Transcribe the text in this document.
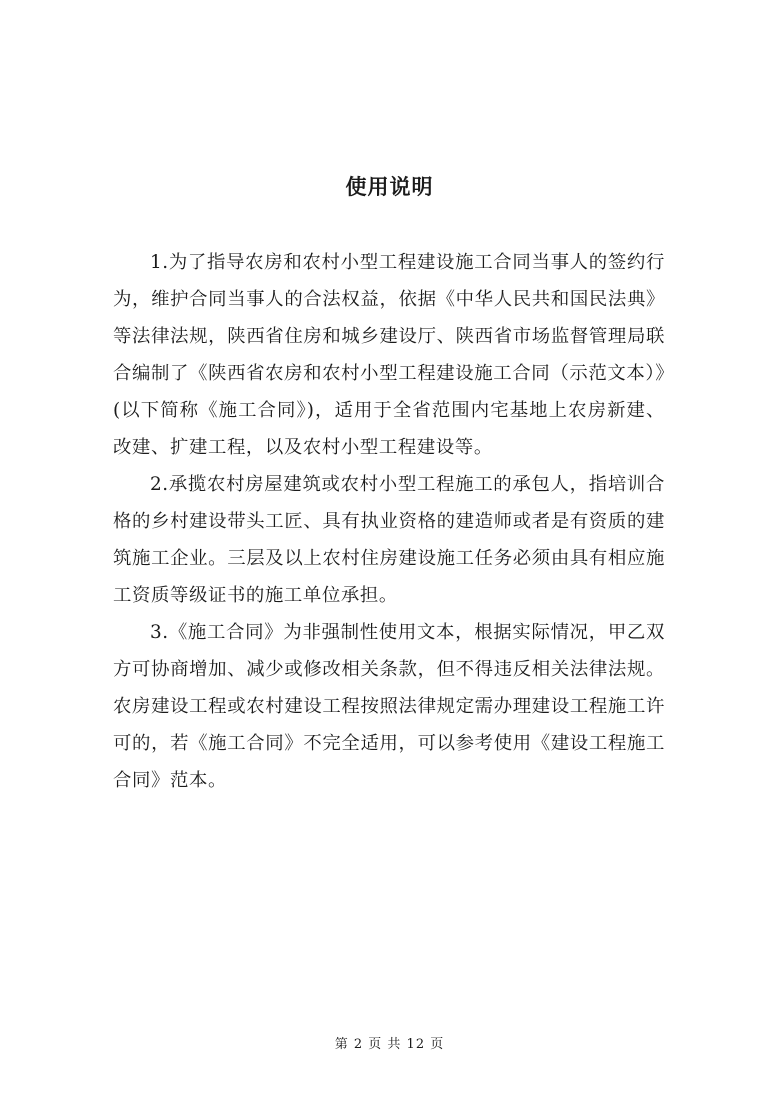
使用说明

1.为了指导农房和农村小型工程建设施工合同当事人的签约行为，维护合同当事人的合法权益，依据《中华人民共和国民法典》等法律法规，陕西省住房和城乡建设厅、陕西省市场监督管理局联合编制了《陕西省农房和农村小型工程建设施工合同（示范文本）》(以下简称《施工合同》)，适用于全省范围内宅基地上农房新建、改建、扩建工程，以及农村小型工程建设等。

2.承揽农村房屋建筑或农村小型工程施工的承包人，指培训合格的乡村建设带头工匠、具有执业资格的建造师或者是有资质的建筑施工企业。三层及以上农村住房建设施工任务必须由具有相应施工资质等级证书的施工单位承担。

3.《施工合同》为非强制性使用文本，根据实际情况，甲乙双方可协商增加、减少或修改相关条款，但不得违反相关法律法规。农房建设工程或农村建设工程按照法律规定需办理建设工程施工许可的，若《施工合同》不完全适用，可以参考使用《建设工程施工合同》范本。

第 2 页 共 12 页
